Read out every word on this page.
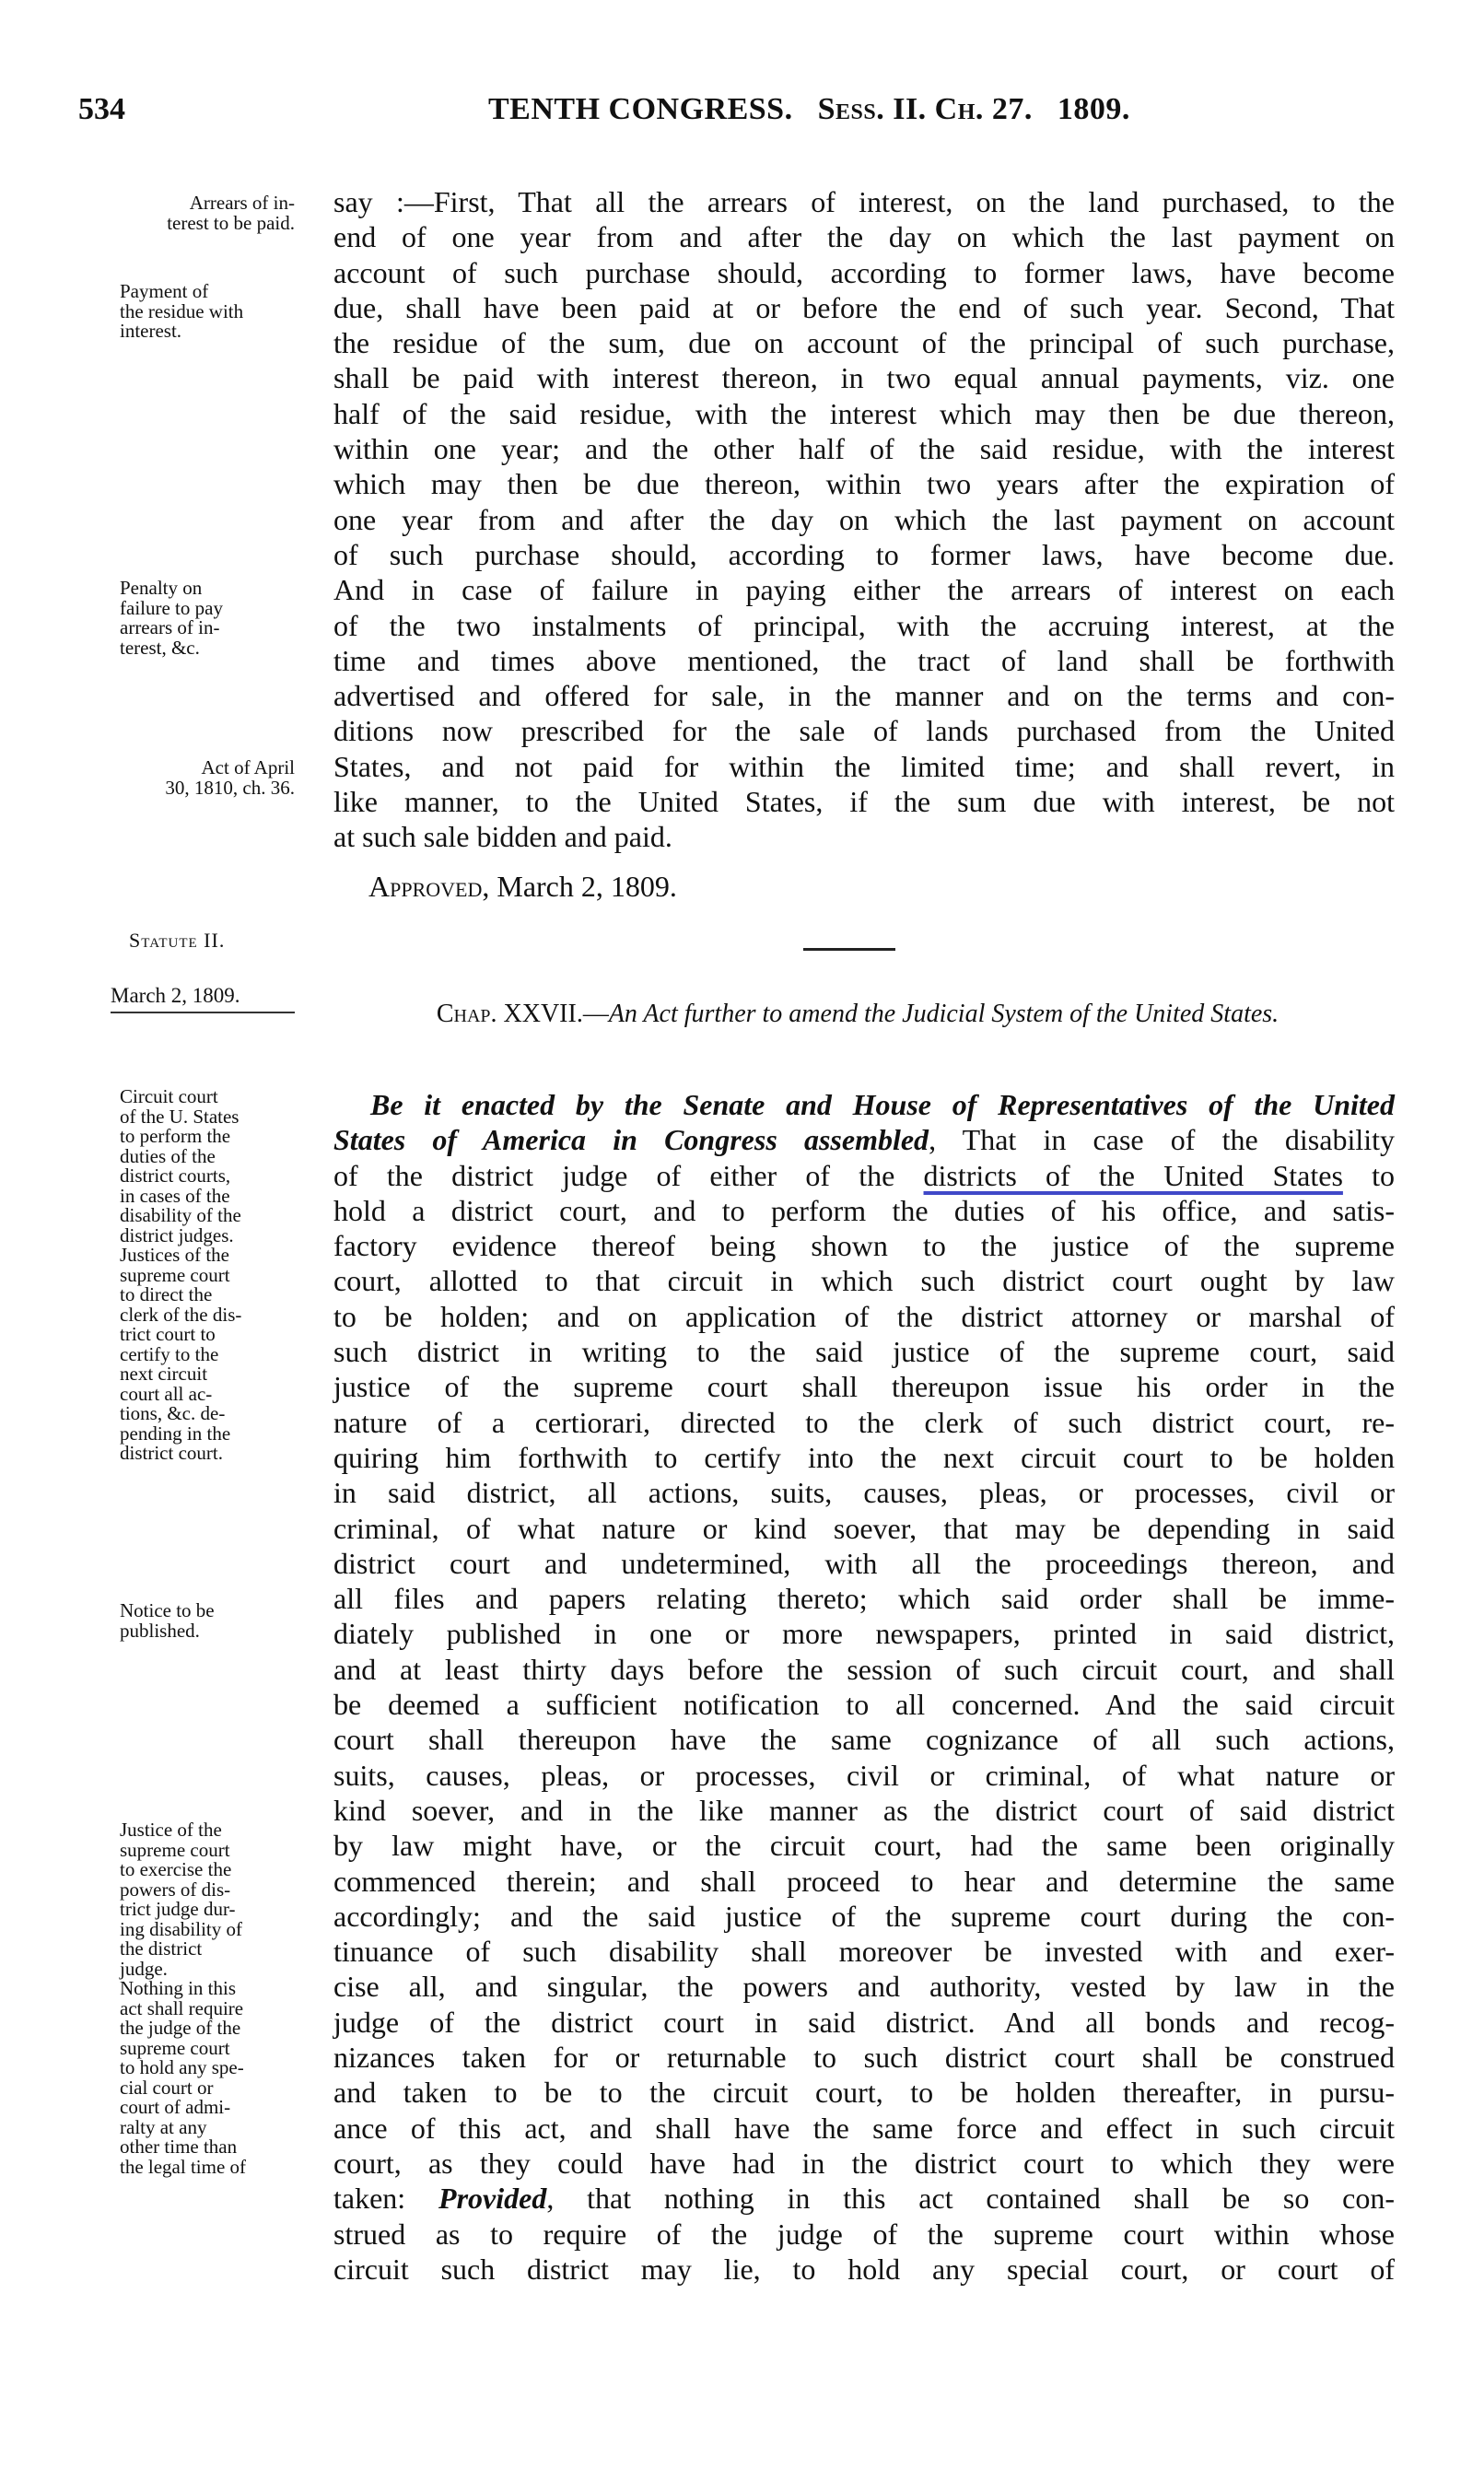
534	TENTH CONGRESS. Sess. II. Ch. 27. 1809.
Arrears of in-
terest to be paid.
Payment of
the residue with
interest.
Penalty on
failure to pay
arrears of in-
terest, &c.
Act of April
30, 1810, ch. 36.
say :—First, That all the arrears of interest, on the land purchased, to the
end of one year from and after the day on which the last payment on
account of such purchase should, according to former laws, have become
due, shall have been paid at or before the end of such year. Second, That
the residue of the sum, due on account of the principal of such purchase,
shall be paid with interest thereon, in two equal annual payments, viz. one
half of the said residue, with the interest which may then be due thereon,
within one year; and the other half of the said residue, with the interest
which may then be due thereon, within two years after the expiration of
one year from and after the day on which the last payment on account
of such purchase should, according to former laws, have become due.
And in case of failure in paying either the arrears of interest on each
of the two instalments of principal, with the accruing interest, at the
time and times above mentioned, the tract of land shall be forthwith
advertised and offered for sale, in the manner and on the terms and con-
ditions now prescribed for the sale of lands purchased from the United
States, and not paid for within the limited time; and shall revert, in
like manner, to the United States, if the sum due with interest, be not
at such sale bidden and paid.
Approved, March 2, 1809.
Statute II.
March 2, 1809.
Chap. XXVII.—An Act further to amend the Judicial System of the United States.
Circuit court
of the U. States
to perform the
duties of the
district courts,
in cases of the
disability of the
district judges.
Justices of the
supreme court
to direct the
clerk of the dis-
trict court to
certify to the
next circuit
court all ac-
tions, &c. de-
pending in the
district court.
Notice to be
published.
Justice of the
supreme court
to exercise the
powers of dis-
trict judge dur-
ing disability of
the district
judge.
Nothing in this
act shall require
the judge of the
supreme court
to hold any spe-
cial court or
court of admi-
ralty at any
other time than
the legal time of
Be it enacted by the Senate and House of Representatives of the United
States of America in Congress assembled, That in case of the disability
of the district judge of either of the districts of the United States to
hold a district court, and to perform the duties of his office, and satis-
factory evidence thereof being shown to the justice of the supreme
court, allotted to that circuit in which such district court ought by law
to be holden; and on application of the district attorney or marshal of
such district in writing to the said justice of the supreme court, said
justice of the supreme court shall thereupon issue his order in the
nature of a certiorari, directed to the clerk of such district court, re-
quiring him forthwith to certify into the next circuit court to be holden
in said district, all actions, suits, causes, pleas, or processes, civil or
criminal, of what nature or kind soever, that may be depending in said
district court and undetermined, with all the proceedings thereon, and
all files and papers relating thereto; which said order shall be imme-
diately published in one or more newspapers, printed in said district,
and at least thirty days before the session of such circuit court, and shall
be deemed a sufficient notification to all concerned. And the said circuit
court shall thereupon have the same cognizance of all such actions,
suits, causes, pleas, or processes, civil or criminal, of what nature or
kind soever, and in the like manner as the district court of said district
by law might have, or the circuit court, had the same been originally
commenced therein; and shall proceed to hear and determine the same
accordingly; and the said justice of the supreme court during the con-
tinuance of such disability shall moreover be invested with and exer-
cise all, and singular, the powers and authority, vested by law in the
judge of the district court in said district. And all bonds and recog-
nizances taken for or returnable to such district court shall be construed
and taken to be to the circuit court, to be holden thereafter, in pursu-
ance of this act, and shall have the same force and effect in such circuit
court, as they could have had in the district court to which they were
taken: Provided, that nothing in this act contained shall be so con-
strued as to require of the judge of the supreme court within whose
circuit such district may lie, to hold any special court, or court of
